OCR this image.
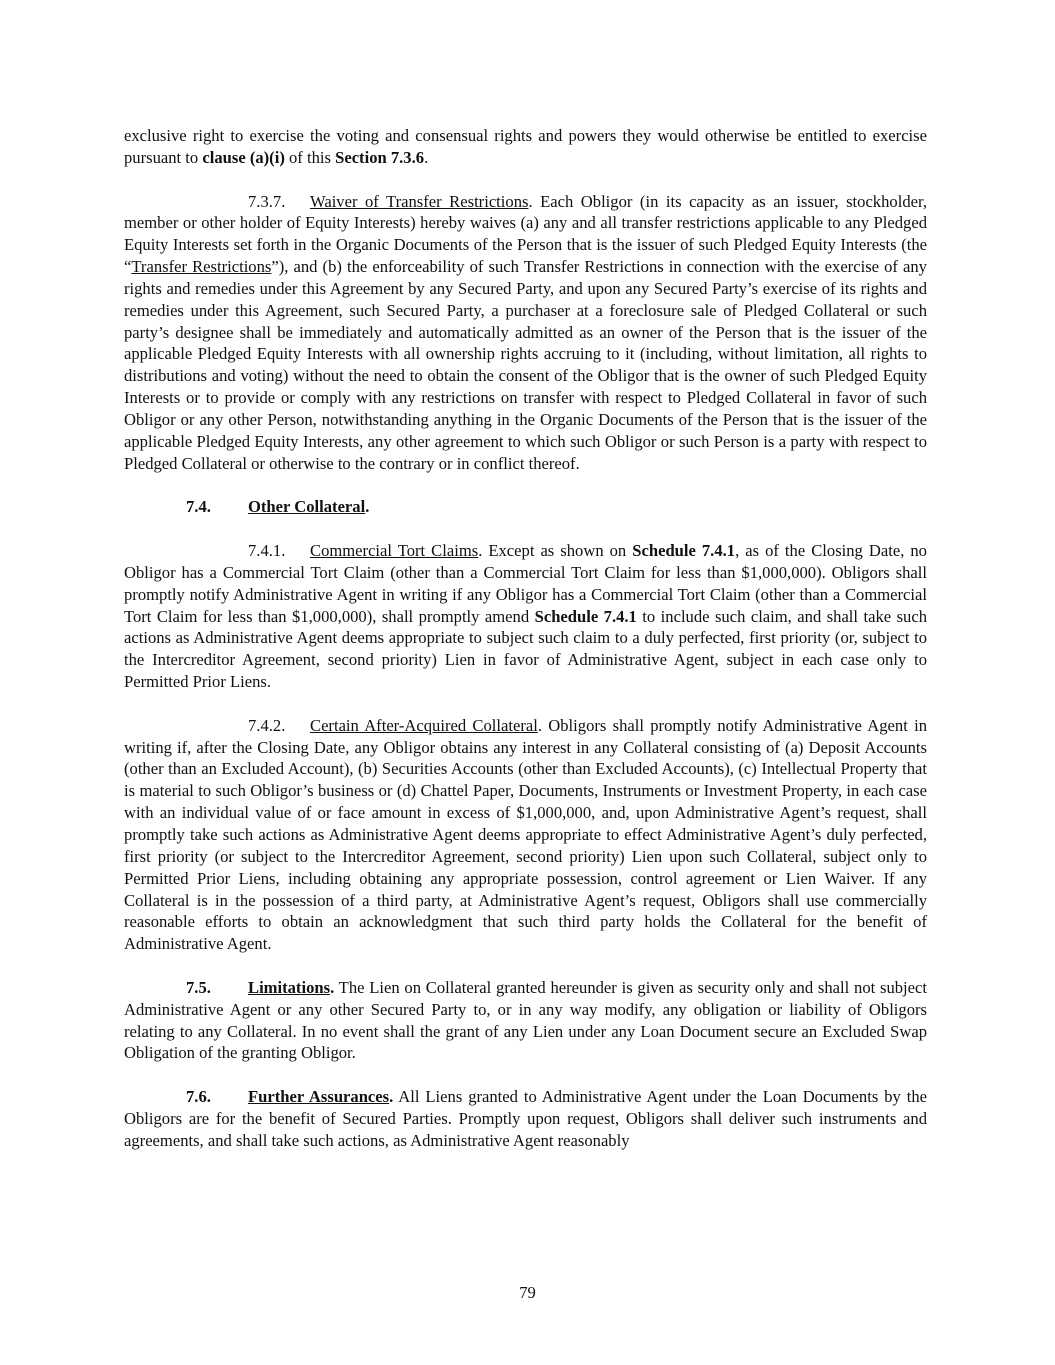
exclusive right to exercise the voting and consensual rights and powers they would otherwise be entitled to exercise pursuant to clause (a)(i) of this Section 7.3.6.

7.3.7. Waiver of Transfer Restrictions. Each Obligor (in its capacity as an issuer, stockholder, member or other holder of Equity Interests) hereby waives (a) any and all transfer restrictions applicable to any Pledged Equity Interests set forth in the Organic Documents of the Person that is the issuer of such Pledged Equity Interests (the “Transfer Restrictions”), and (b) the enforceability of such Transfer Restrictions in connection with the exercise of any rights and remedies under this Agreement by any Secured Party, and upon any Secured Party’s exercise of its rights and remedies under this Agreement, such Secured Party, a purchaser at a foreclosure sale of Pledged Collateral or such party’s designee shall be immediately and automatically admitted as an owner of the Person that is the issuer of the applicable Pledged Equity Interests with all ownership rights accruing to it (including, without limitation, all rights to distributions and voting) without the need to obtain the consent of the Obligor that is the owner of such Pledged Equity Interests or to provide or comply with any restrictions on transfer with respect to Pledged Collateral in favor of such Obligor or any other Person, notwithstanding anything in the Organic Documents of the Person that is the issuer of the applicable Pledged Equity Interests, any other agreement to which such Obligor or such Person is a party with respect to Pledged Collateral or otherwise to the contrary or in conflict thereof.

7.4. Other Collateral.

7.4.1. Commercial Tort Claims. Except as shown on Schedule 7.4.1, as of the Closing Date, no Obligor has a Commercial Tort Claim (other than a Commercial Tort Claim for less than $1,000,000). Obligors shall promptly notify Administrative Agent in writing if any Obligor has a Commercial Tort Claim (other than a Commercial Tort Claim for less than $1,000,000), shall promptly amend Schedule 7.4.1 to include such claim, and shall take such actions as Administrative Agent deems appropriate to subject such claim to a duly perfected, first priority (or, subject to the Intercreditor Agreement, second priority) Lien in favor of Administrative Agent, subject in each case only to Permitted Prior Liens.

7.4.2. Certain After-Acquired Collateral. Obligors shall promptly notify Administrative Agent in writing if, after the Closing Date, any Obligor obtains any interest in any Collateral consisting of (a) Deposit Accounts (other than an Excluded Account), (b) Securities Accounts (other than Excluded Accounts), (c) Intellectual Property that is material to such Obligor’s business or (d) Chattel Paper, Documents, Instruments or Investment Property, in each case with an individual value of or face amount in excess of $1,000,000, and, upon Administrative Agent’s request, shall promptly take such actions as Administrative Agent deems appropriate to effect Administrative Agent’s duly perfected, first priority (or subject to the Intercreditor Agreement, second priority) Lien upon such Collateral, subject only to Permitted Prior Liens, including obtaining any appropriate possession, control agreement or Lien Waiver. If any Collateral is in the possession of a third party, at Administrative Agent’s request, Obligors shall use commercially reasonable efforts to obtain an acknowledgment that such third party holds the Collateral for the benefit of Administrative Agent.

7.5. Limitations. The Lien on Collateral granted hereunder is given as security only and shall not subject Administrative Agent or any other Secured Party to, or in any way modify, any obligation or liability of Obligors relating to any Collateral. In no event shall the grant of any Lien under any Loan Document secure an Excluded Swap Obligation of the granting Obligor.

7.6. Further Assurances. All Liens granted to Administrative Agent under the Loan Documents by the Obligors are for the benefit of Secured Parties. Promptly upon request, Obligors shall deliver such instruments and agreements, and shall take such actions, as Administrative Agent reasonably

79
